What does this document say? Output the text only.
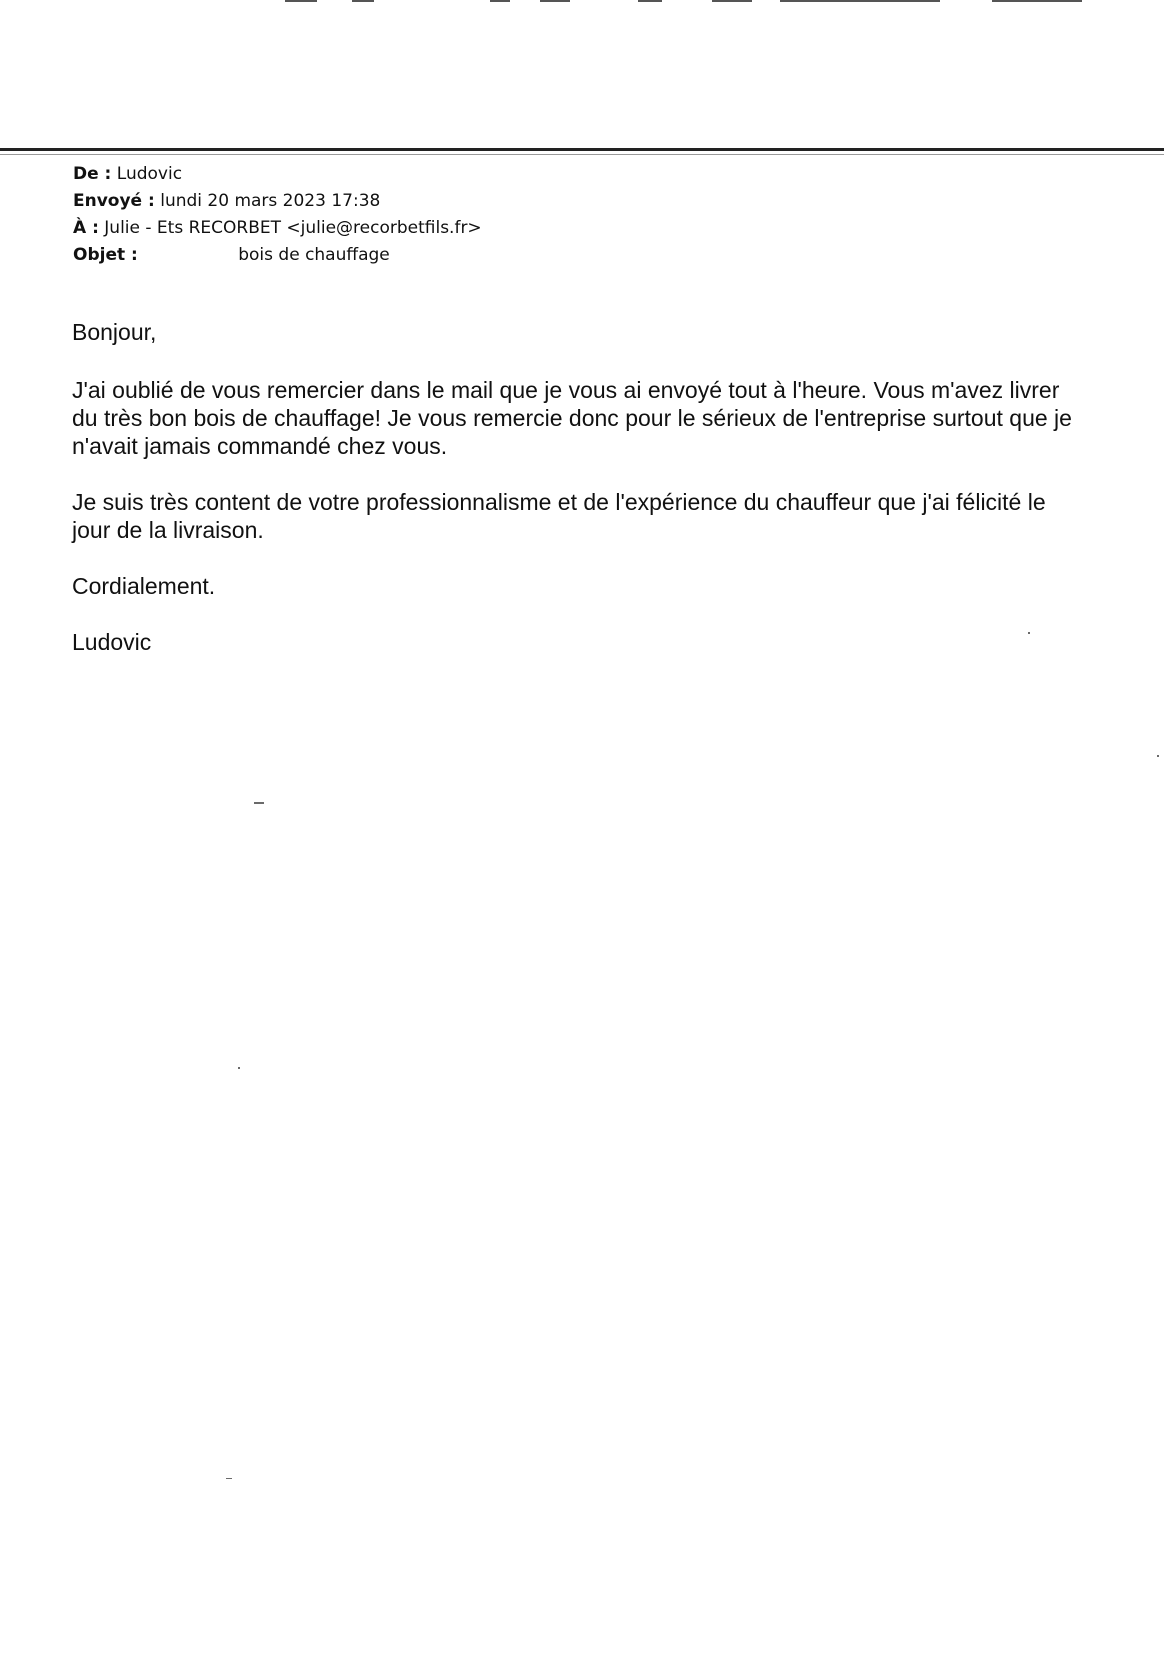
De : Ludovic
Envoyé : lundi 20 mars 2023 17:38
À : Julie - Ets RECORBET <julie@recorbetfils.fr>
Objet :	bois de chauffage

Bonjour,

J'ai oublié de vous remercier dans le mail que je vous ai envoyé tout à l'heure. Vous m'avez livrer du très bon bois de chauffage! Je vous remercie donc pour le sérieux de l'entreprise surtout que je n'avait jamais commandé chez vous.

Je suis très content de votre professionnalisme et de l'expérience du chauffeur que j'ai félicité le jour de la livraison.

Cordialement.

Ludovic
